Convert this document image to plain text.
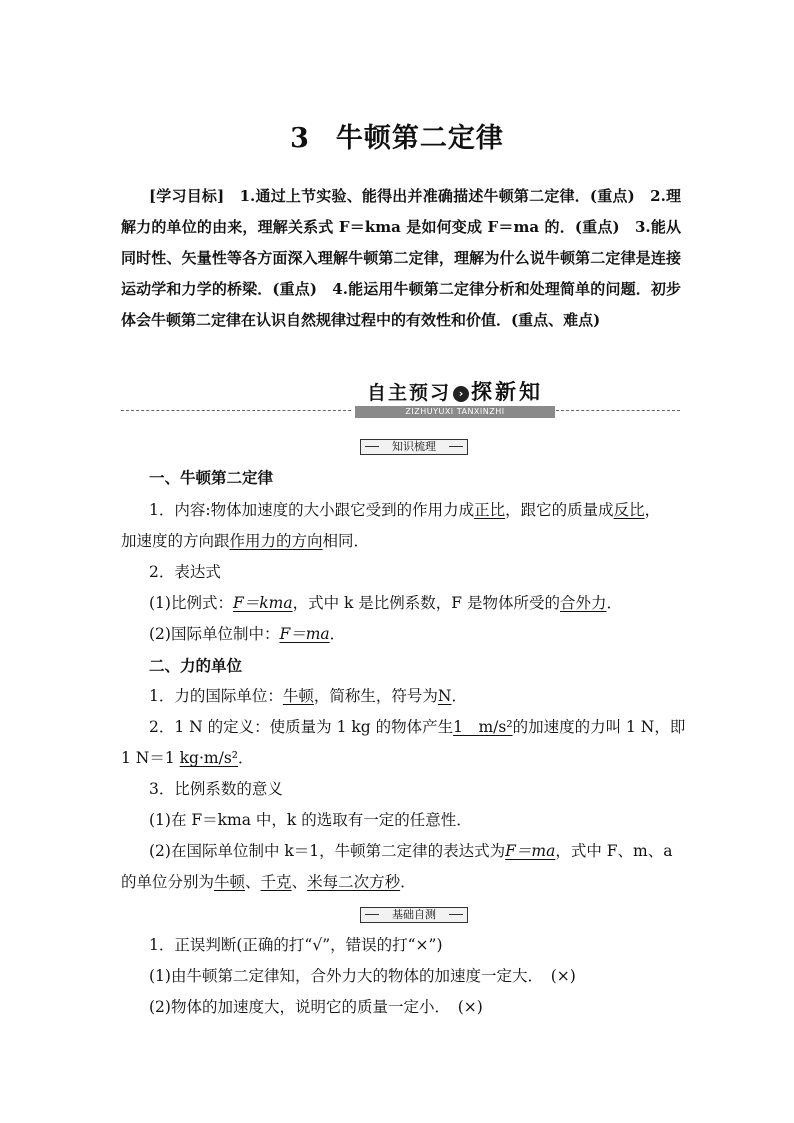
3 牛顿第二定律

[学习目标]　 1.通过上节实验、能得出并准确描述牛顿第二定律．(重点)　2.理解力的单位的由来，理解关系式 F＝kma 是如何变成 F＝ma 的．(重点)　3.能从同时性、矢量性等各方面深入理解牛顿第二定律，理解为什么说牛顿第二定律是连接运动学和力学的桥梁．(重点)　4.能运用牛顿第二定律分析和处理简单的问题．初步体会牛顿第二定律在认识自然规律过程中的有效性和价值．(重点、难点)

自主预习 › 探新知
ZIZHUYUXI TANXINZHI
知识梳理
一、牛顿第二定律
1．内容:物体加速度的大小跟它受到的作用力成正比，跟它的质量成反比，
加速度的方向跟作用力的方向相同．
2．表达式
(1)比例式：F＝kma，式中 k 是比例系数，F 是物体所受的合外力．
(2)国际单位制中：F＝ma．
二、力的单位
1．力的国际单位：牛顿，简称生，符号为N．
2．1 N 的定义：使质量为 1 kg 的物体产生1　m/s²的加速度的力叫 1 N，即
1 N＝1 kg·m/s²．
3．比例系数的意义
(1)在 F＝kma 中，k 的选取有一定的任意性．
(2)在国际单位制中 k＝1，牛顿第二定律的表达式为F＝ma，式中 F、m、a
的单位分别为牛顿、千克、米每二次方秒．
基础自测
1．正误判断(正确的打“√”，错误的打“×”)
(1)由牛顿第二定律知，合外力大的物体的加速度一定大．　(×)
(2)物体的加速度大，说明它的质量一定小．　(×)
